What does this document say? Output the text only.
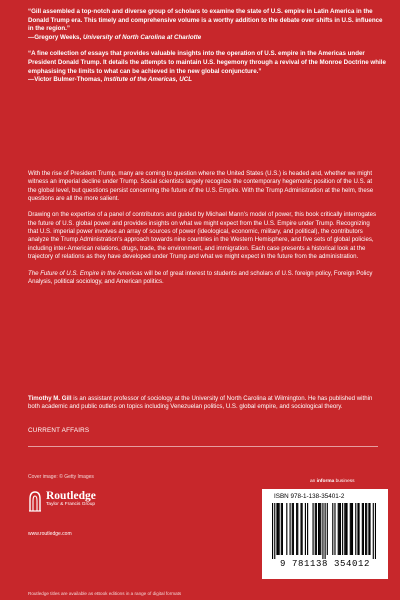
“Gill assembled a top-notch and diverse group of scholars to examine the state of U.S. empire in Latin America in the Donald Trump era. This timely and comprehensive volume is a worthy addition to the debate over shifts in U.S. influence in the region.”
—Gregory Weeks, University of North Carolina at Charlotte
“A fine collection of essays that provides valuable insights into the operation of U.S. empire in the Americas under President Donald Trump. It details the attempts to maintain U.S. hegemony through a revival of the Monroe Doctrine while emphasising the limits to what can be achieved in the new global conjuncture.”
—Victor Bulmer-Thomas, Institute of the Americas, UCL

With the rise of President Trump, many are coming to question where the United States (U.S.) is headed and, whether we might witness an imperial decline under Trump. Social scientists largely recognize the contemporary hegemonic position of the U.S. at the global level, but questions persist concerning the future of the U.S. Empire. With the Trump Administration at the helm, these questions are all the more salient.

Drawing on the expertise of a panel of contributors and guided by Michael Mann’s model of power, this book critically interrogates the future of U.S. global power and provides insights on what we might expect from the U.S. Empire under Trump. Recognizing that U.S. imperial power involves an array of sources of power (ideological, economic, military, and political), the contributors analyze the Trump Administration’s approach towards nine countries in the Western Hemisphere, and five sets of global policies, including inter-American relations, drugs, trade, the environment, and immigration. Each case presents a historical look at the trajectory of relations as they have developed under Trump and what we might expect in the future from the administration.

The Future of U.S. Empire in the Americas will be of great interest to students and scholars of U.S. foreign policy, Foreign Policy Analysis, political sociology, and American politics.

Timothy M. Gill is an assistant professor of sociology at the University of North Carolina at Wilmington. He has published within both academic and public outlets on topics including Venezuelan politics, U.S. global empire, and sociological theory.
CURRENT AFFAIRS
Cover image: © Getty Images
an informa business
Routledge
Taylor & Francis Group
www.routledge.com
ISBN 978-1-138-35401-2
9 781138 354012
Routledge titles are available as eBook editions in a range of digital formats
